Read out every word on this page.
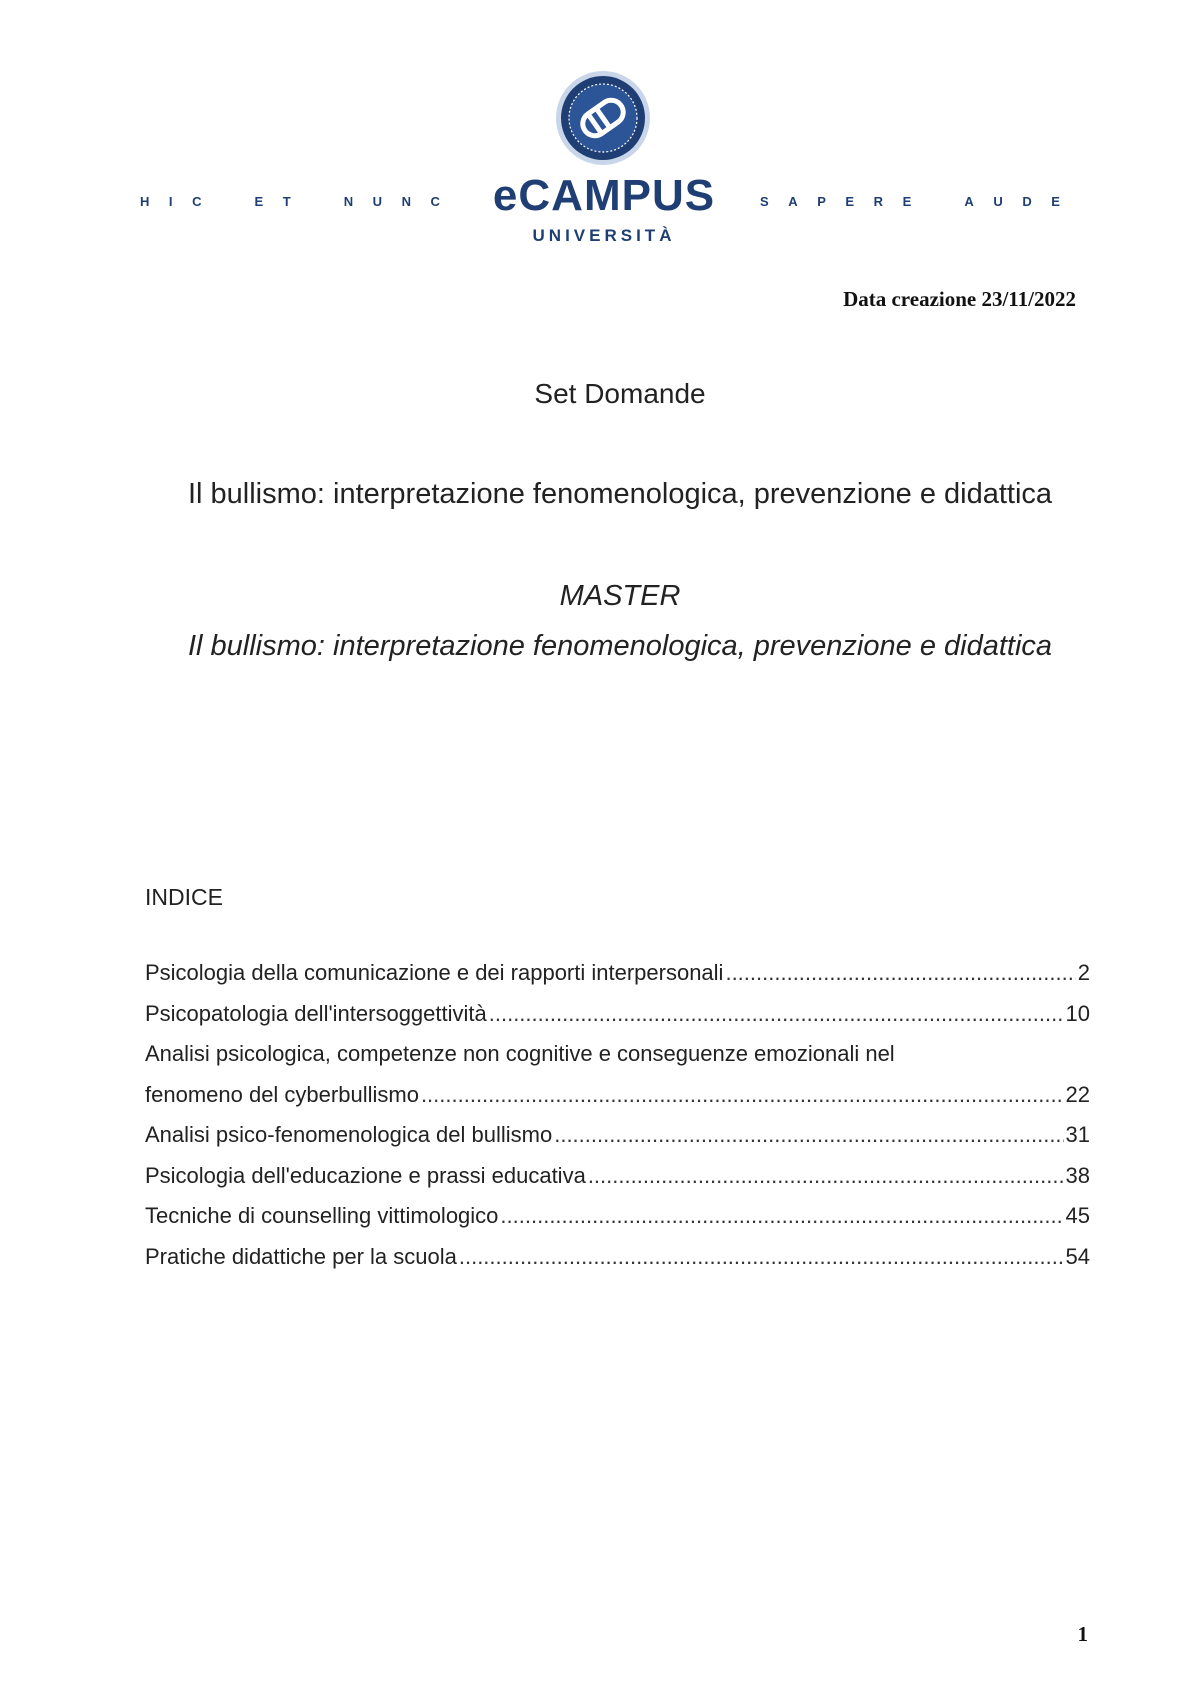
H I C	E T	N U N C eCAMPUS
UNIVERSITÀ
S A P E R E	A U D E
Data creazione 23/11/2022
Set Domande
Il bullismo: interpretazione fenomenologica, prevenzione e didattica
MASTER
Il bullismo: interpretazione fenomenologica, prevenzione e didattica
INDICE
Psicologia della comunicazione e dei rapporti interpersonali .....	2
Psicopatologia dell'intersoggettività .....	10
Analisi psicologica, competenze non cognitive e conseguenze emozionali nel
fenomeno del cyberbullismo .....	22
Analisi psico-fenomenologica del bullismo .....	31
Psicologia dell'educazione e prassi educativa .....	38
Tecniche di counselling vittimologico .....	45
Pratiche didattiche per la scuola .....	54
1
